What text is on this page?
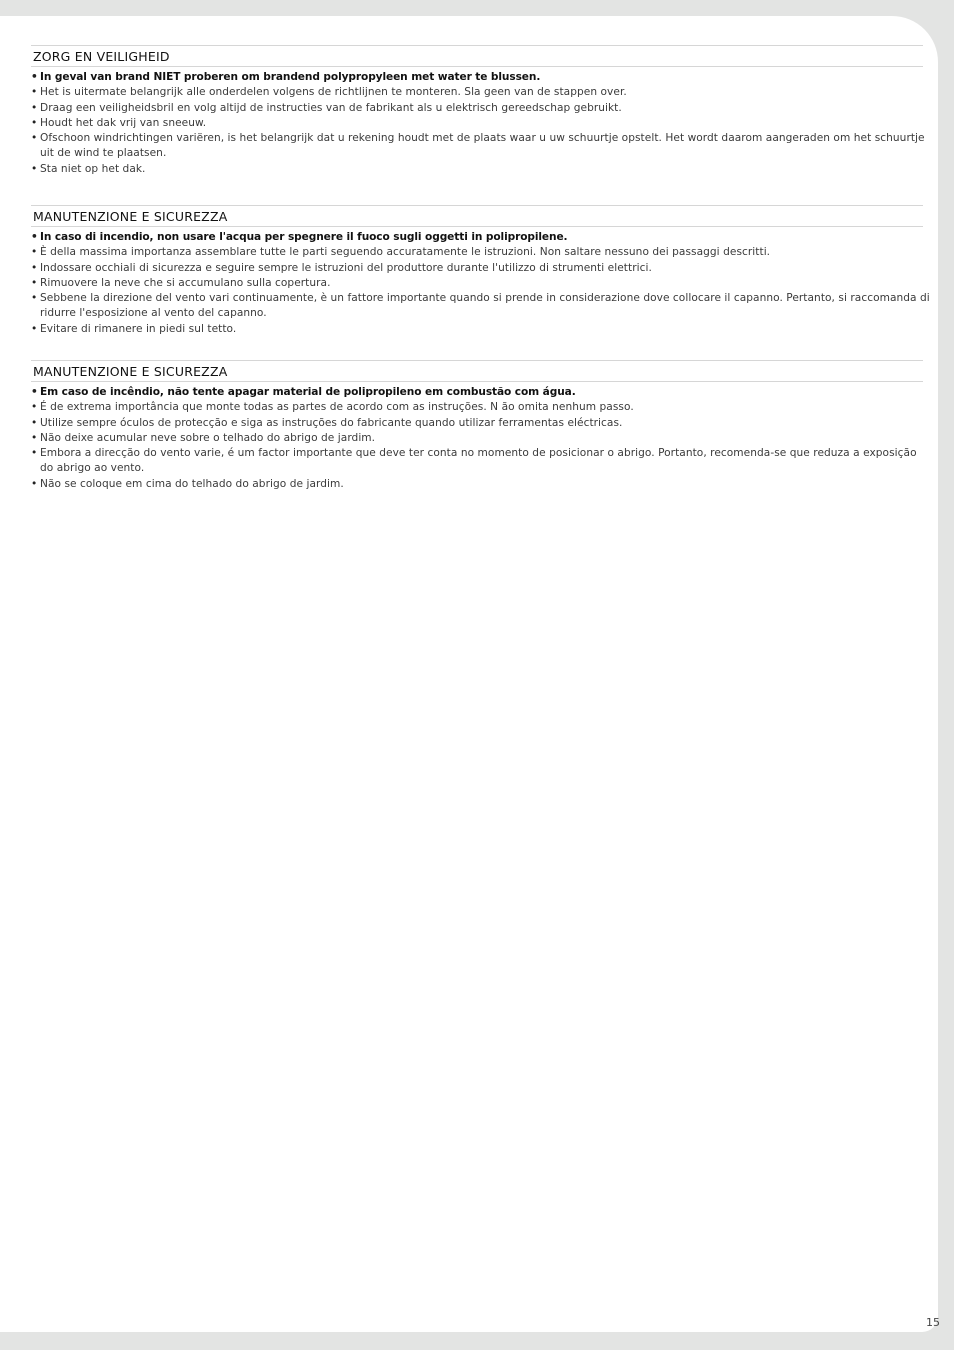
ZORG EN VEILIGHEID
• In geval van brand NIET proberen om brandend polypropyleen met water te blussen.
• Het is uitermate belangrijk alle onderdelen volgens de richtlijnen te monteren. Sla geen van de stappen over.
• Draag een veiligheidsbril en volg altijd de instructies van de fabrikant als u elektrisch gereedschap gebruikt.
• Houdt het dak vrij van sneeuw.
• Ofschoon windrichtingen variëren, is het belangrijk dat u rekening houdt met de plaats waar u uw schuurtje opstelt. Het wordt daarom aangeraden om het schuurtje uit de wind te plaatsen.
• Sta niet op het dak.
MANUTENZIONE E SICUREZZA
• In caso di incendio, non usare l'acqua per spegnere il fuoco sugli oggetti in polipropilene.
• È della massima importanza assemblare tutte le parti seguendo accuratamente le istruzioni. Non saltare nessuno dei passaggi descritti.
• Indossare occhiali di sicurezza e seguire sempre le istruzioni del produttore durante l'utilizzo di strumenti elettrici.
• Rimuovere la neve che si accumulano sulla copertura.
• Sebbene la direzione del vento vari continuamente, è un fattore importante quando si prende in considerazione dove collocare il capanno. Pertanto, si raccomanda di ridurre l'esposizione al vento del capanno.
• Evitare di rimanere in piedi sul tetto.
MANUTENZIONE E SICUREZZA
• Em caso de incêndio, não tente apagar material de polipropileno em combustão com água.
• É de extrema importância que monte todas as partes de acordo com as instruções. N ão omita nenhum passo.
• Utilize sempre óculos de protecção e siga as instruções do fabricante quando utilizar ferramentas eléctricas.
• Não deixe acumular neve sobre o telhado do abrigo de jardim.
• Embora a direcção do vento varie, é um factor importante que deve ter conta no momento de posicionar o abrigo. Portanto, recomenda-se que reduza a exposição do abrigo ao vento.
• Não se coloque em cima do telhado do abrigo de jardim.
15
